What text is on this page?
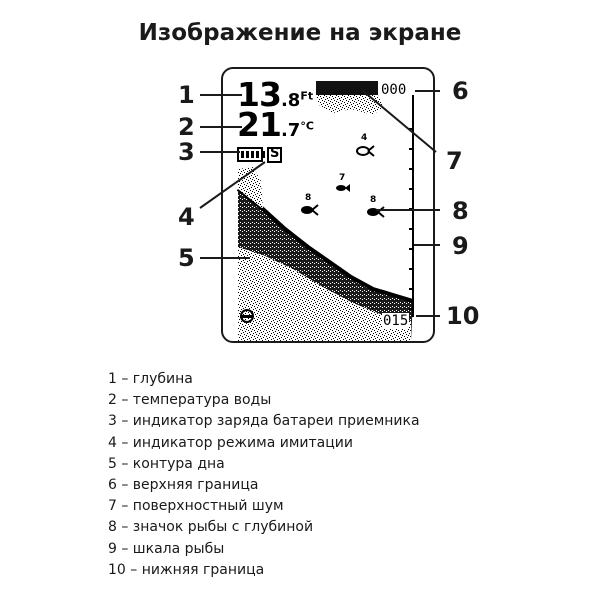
Изображение на экране
$13.8^{Ft}$
$21.7^{^\circ C}$
S
000
015
4
7
8	8
1
2
3
4
5
6
7
8
9
10
1 – глубина
2 – температура воды
3 – индикатор заряда батареи приемника
4 – индикатор режима имитации
5 – контура дна
6 – верхняя граница
7 – поверхностный шум
8 – значок рыбы с глубиной
9 – шкала рыбы
10 – нижняя граница
